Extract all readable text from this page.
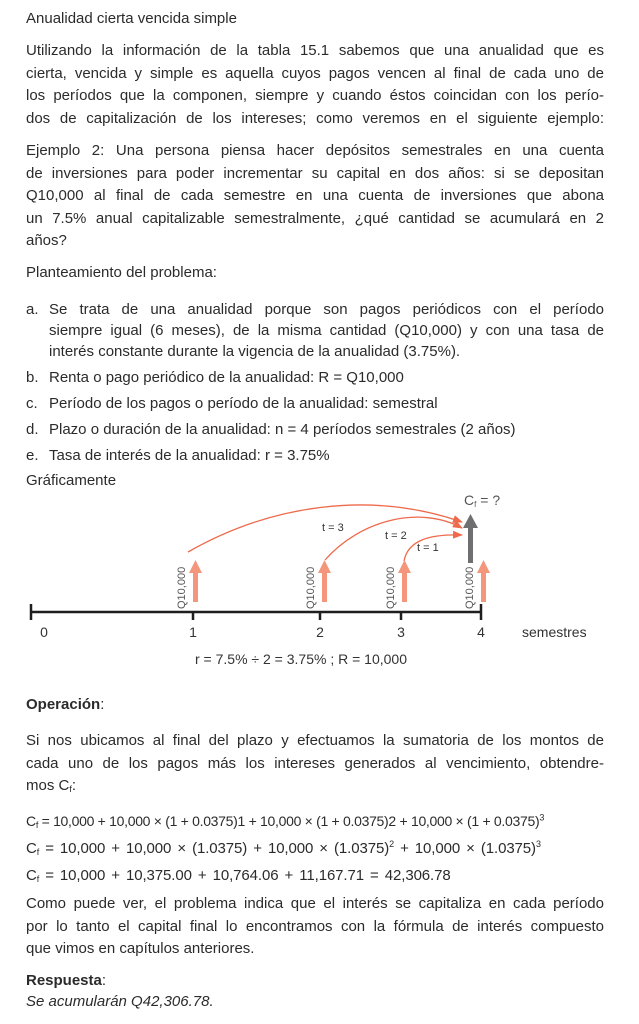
Anualidad cierta vencida simple
Utilizando la información de la tabla 15.1 sabemos que una anualidad que es
cierta, vencida y simple es aquella cuyos pagos vencen al final de cada uno de
los períodos que la componen, siempre y cuando éstos coincidan con los perío-
dos de capitalización de los intereses; como veremos en el siguiente ejemplo:
Ejemplo 2: Una persona piensa hacer depósitos semestrales en una cuenta
de inversiones para poder incrementar su capital en dos años: si se depositan
Q10,000 al final de cada semestre en una cuenta de inversiones que abona
un 7.5% anual capitalizable semestralmente, ¿qué cantidad se acumulará en 2
años?
Planteamiento del problema:
a. Se trata de una anualidad porque son pagos periódicos con el período
siempre igual (6 meses), de la misma cantidad (Q10,000) y con una tasa de
interés constante durante la vigencia de la anualidad (3.75%).
b. Renta o pago periódico de la anualidad: R = Q10,000
c. Período de los pagos o período de la anualidad: semestral
d. Plazo o duración de la anualidad: n = 4 períodos semestrales (2 años)
e. Tasa de interés de la anualidad: r = 3.75%
Gráficamente
t = 3
t = 2
t = 1
Cf = ?
Q10,000	Q10,000	Q10,000	Q10,000
0	1	2	3	4	semestres
r = 7.5% ÷ 2 = 3.75% ; R = 10,000
Operación:
Si nos ubicamos al final del plazo y efectuamos la sumatoria de los montos de
cada uno de los pagos más los intereses generados al vencimiento, obtendre-
mos $C_f$:
$C_f = 10,000 + 10,000 \times (1 + 0.0375)1 + 10,000 \times (1 + 0.0375)2 + 10,000 \times (1 + 0.0375)^3$
$C_f = 10,000 + 10,000 \times (1.0375) + 10,000 \times (1.0375)^2 + 10,000 \times (1.0375)^3$
$C_f = 10,000 + 10,375.00 + 10,764.06 + 11,167.71 = 42,306.78$
Como puede ver, el problema indica que el interés se capitaliza en cada período
por lo tanto el capital final lo encontramos con la fórmula de interés compuesto
que vimos en capítulos anteriores.
Respuesta:
Se acumularán Q42,306.78.
